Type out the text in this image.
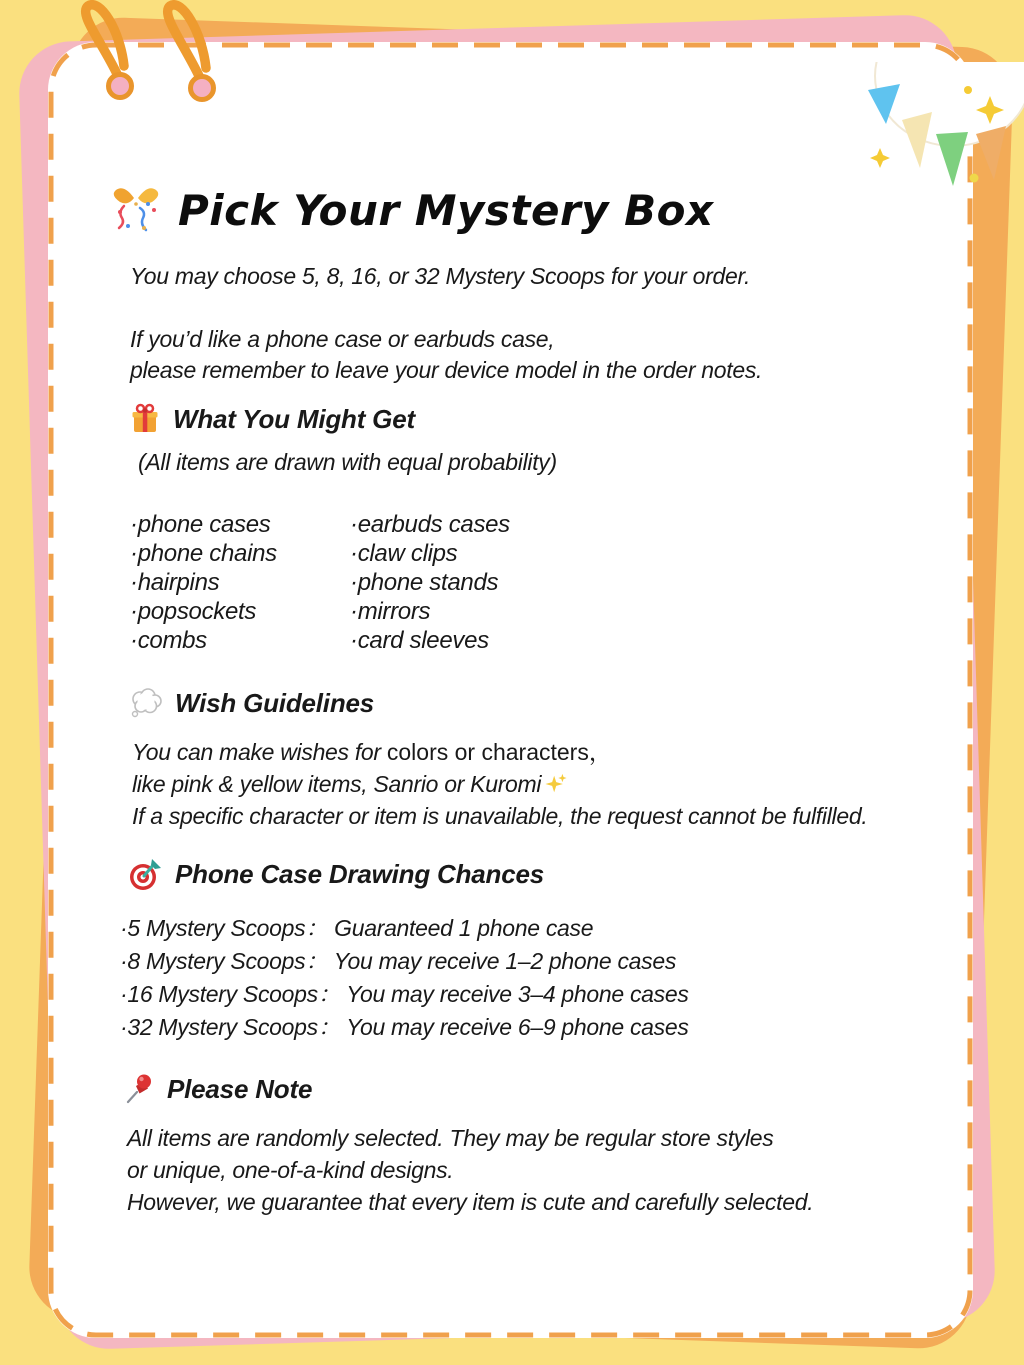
Pick Your Mystery Box
You may choose 5, 8, 16, or 32 Mystery Scoops for your order.
If you’d like a phone case or earbuds case,
please remember to leave your device model in the order notes.
What You Might Get
(All items are drawn with equal probability)
·phone cases
·phone chains
·hairpins
·popsockets
·combs
·earbuds cases
·claw clips
·phone stands
·mirrors
·card sleeves
Wish Guidelines
You can make wishes for colors or characters，
like pink & yellow items, Sanrio or Kuromi
If a specific character or item is unavailable, the request cannot be fulfilled.
Phone Case Drawing Chances
·5 Mystery Scoops： Guaranteed 1 phone case
·8 Mystery Scoops： You may receive 1–2 phone cases
·16 Mystery Scoops： You may receive 3–4 phone cases
·32 Mystery Scoops： You may receive 6–9 phone cases
Please Note
All items are randomly selected. They may be regular store styles
or unique, one-of-a-kind designs.
However, we guarantee that every item is cute and carefully selected.
